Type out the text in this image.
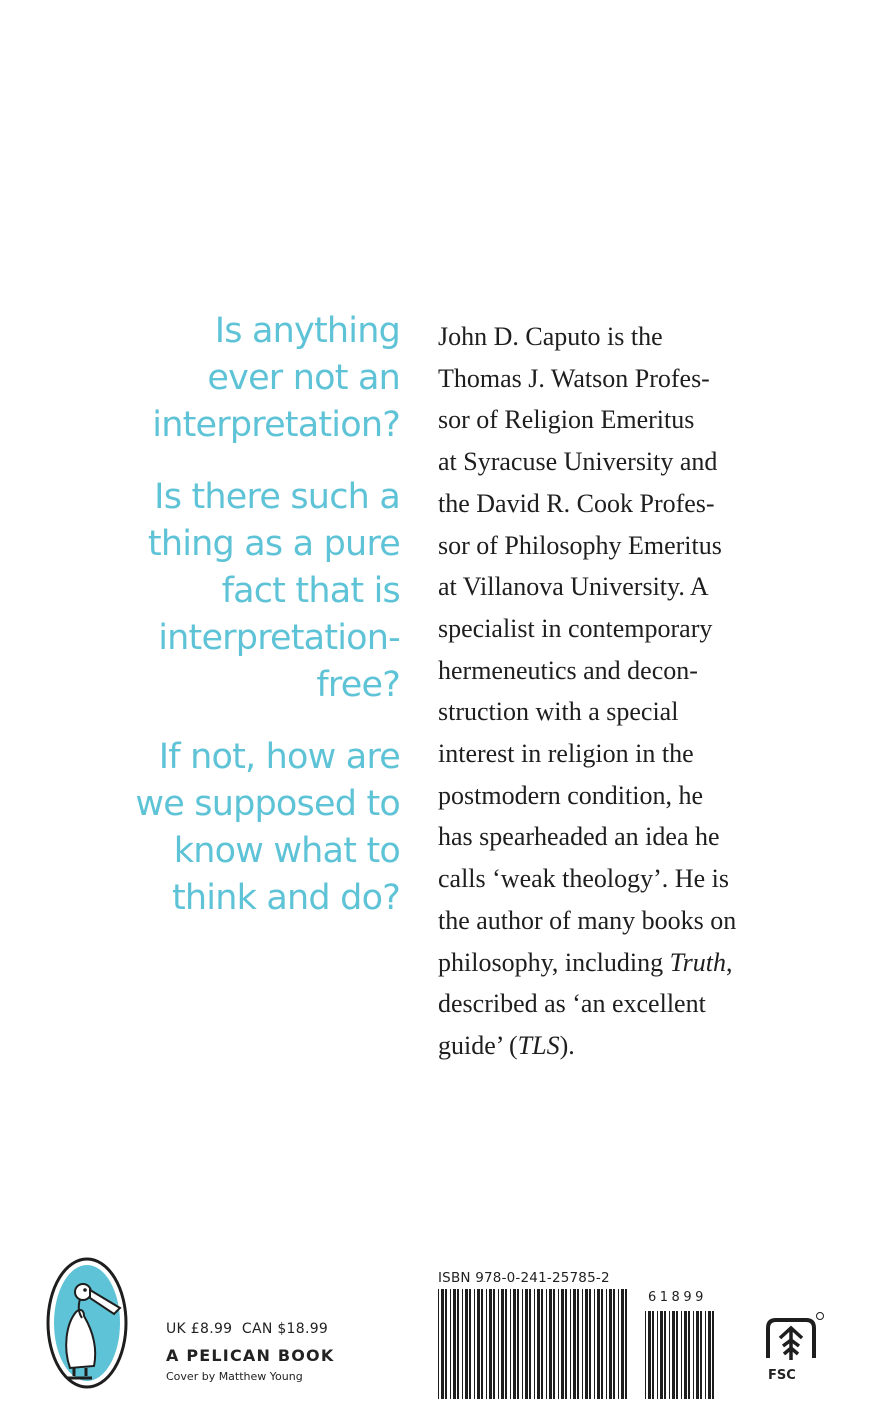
Is anything
ever not an
interpretation?

Is there such a
thing as a pure
fact that is
interpretation-
free?

If not, how are
we supposed to
know what to
think and do?

John D. Caputo is the
Thomas J. Watson Profes-
sor of Religion Emeritus
at Syracuse University and
the David R. Cook Profes-
sor of Philosophy Emeritus
at Villanova University. A
specialist in contemporary
hermeneutics and decon-
struction with a special
interest in religion in the
postmodern condition, he
has spearheaded an idea he
calls ‘weak theology’. He is
the author of many books on
philosophy, including Truth,
described as ‘an excellent
guide’ (TLS).
UK £8.99 CAN $18.99
A PELICAN BOOK
Cover by Matthew Young
ISBN 978-0-241-25785-2
61899
FSC
